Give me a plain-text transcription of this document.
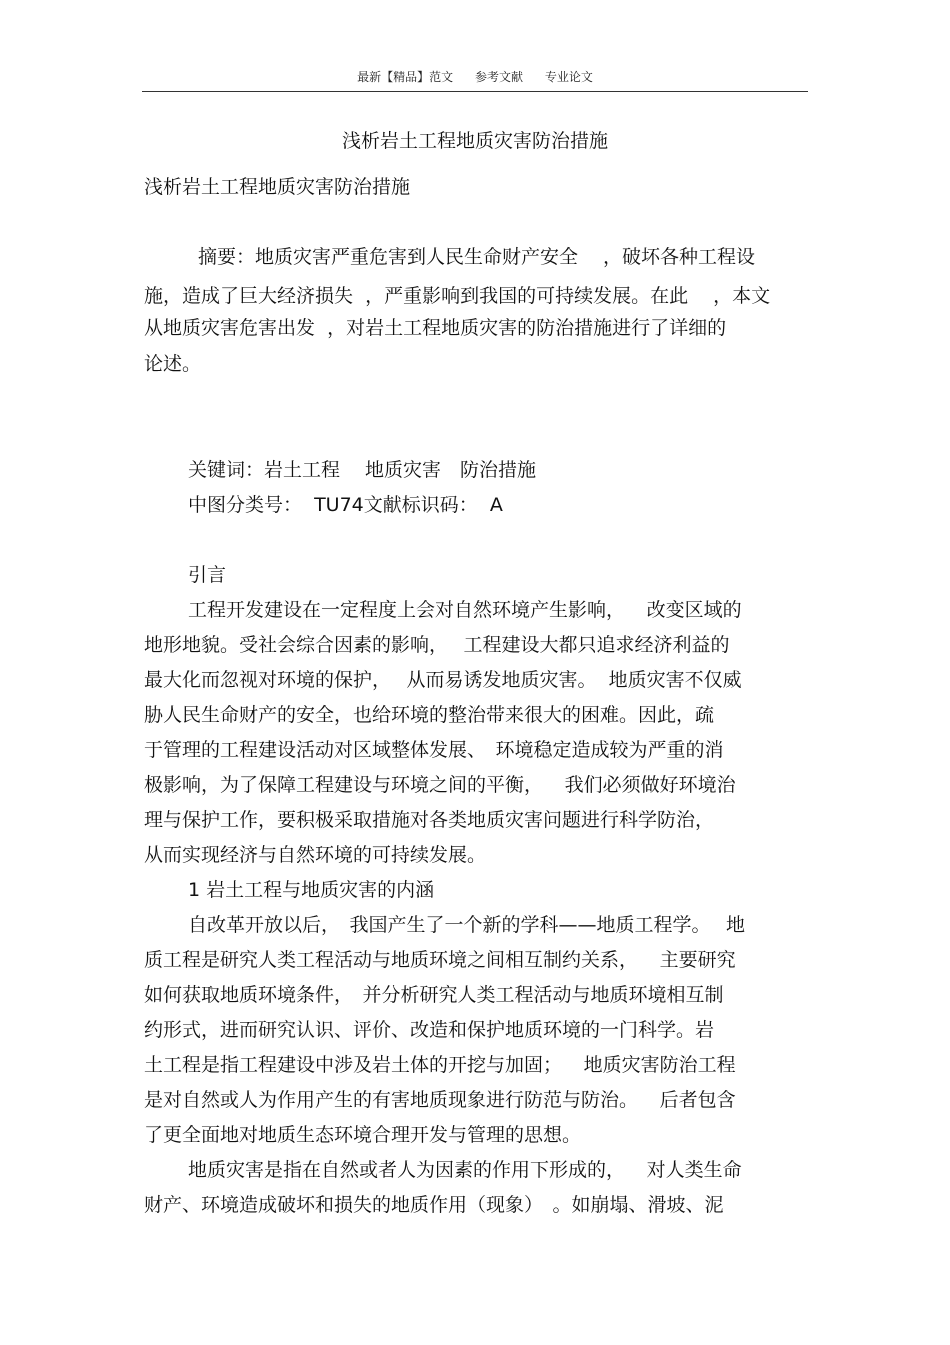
最新【精品】范文 参考文献 专业论文
浅析岩土工程地质灾害防治措施

浅析岩土工程地质灾害防治措施

摘要：地质灾害严重危害到人民生命财产安全　 ，破坏各种工程设

施，造成了巨大经济损失  ，严重影响到我国的可持续发展。在此　 ，本文

从地质灾害危害出发  ，对岩土工程地质灾害的防治措施进行了详细的

论述。

关键词：岩土工程　 地质灾害　防治措施

中图分类号：  TU74文献标识码：  A

引言

工程开发建设在一定程度上会对自然环境产生影响，　  改变区域的

地形地貌。受社会综合因素的影响，　 工程建设大都只追求经济利益的

最大化而忽视对环境的保护，　 从而易诱发地质灾害。  地质灾害不仅威

胁人民生命财产的安全，也给环境的整治带来很大的困难。因此，疏

于管理的工程建设活动对区域整体发展、　环境稳定造成较为严重的消

极影响，为了保障工程建设与环境之间的平衡，　  我们必须做好环境治

理与保护工作，要积极采取措施对各类地质灾害问题进行科学防治，

从而实现经济与自然环境的可持续发展。

1 岩土工程与地质灾害的内涵

自改革开放以后，　我国产生了一个新的学科——地质工程学。　 地

质工程是研究人类工程活动与地质环境之间相互制约关系，　  主要研究

如何获取地质环境条件，　并分析研究人类工程活动与地质环境相互制

约形式，进而研究认识、评价、改造和保护地质环境的一门科学。岩

土工程是指工程建设中涉及岩土体的开挖与加固；　  地质灾害防治工程

是对自然或人为作用产生的有害地质现象进行防范与防治。　  后者包含

了更全面地对地质生态环境合理开发与管理的思想。

地质灾害是指在自然或者人为因素的作用下形成的，　  对人类生命

财产、环境造成破坏和损失的地质作用（现象）　。如崩塌、滑坡、泥
